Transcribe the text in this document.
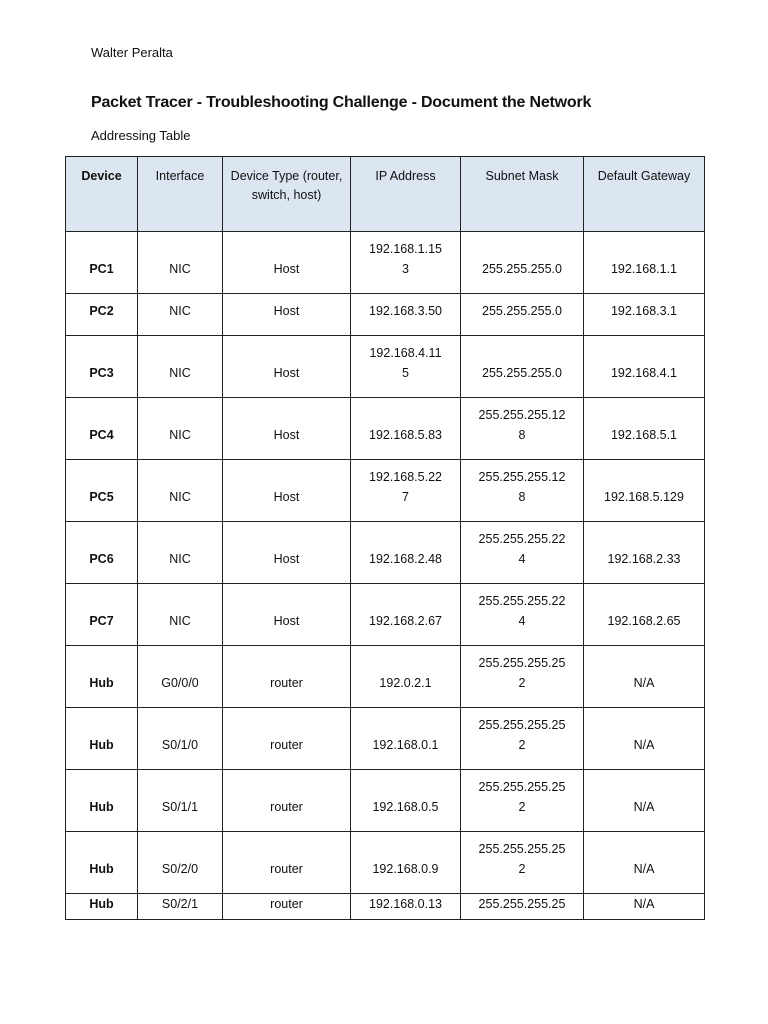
Walter Peralta
Packet Tracer - Troubleshooting Challenge - Document the Network
Addressing Table
Device	Interface	Device Type (router, switch, host)	IP Address	Subnet Mask	Default Gateway
PC1	NIC	Host	192.168.1.153	255.255.255.0	192.168.1.1
PC2	NIC	Host	192.168.3.50	255.255.255.0	192.168.3.1
PC3	NIC	Host	192.168.4.115	255.255.255.0	192.168.4.1
PC4	NIC	Host	192.168.5.83	255.255.255.128	192.168.5.1
PC5	NIC	Host	192.168.5.227	255.255.255.128	192.168.5.129
PC6	NIC	Host	192.168.2.48	255.255.255.224	192.168.2.33
PC7	NIC	Host	192.168.2.67	255.255.255.224	192.168.2.65
Hub	G0/0/0	router	192.0.2.1	255.255.255.252	N/A
Hub	S0/1/0	router	192.168.0.1	255.255.255.252	N/A
Hub	S0/1/1	router	192.168.0.5	255.255.255.252	N/A
Hub	S0/2/0	router	192.168.0.9	255.255.255.252	N/A
Hub	S0/2/1	router	192.168.0.13	255.255.255.25	N/A
